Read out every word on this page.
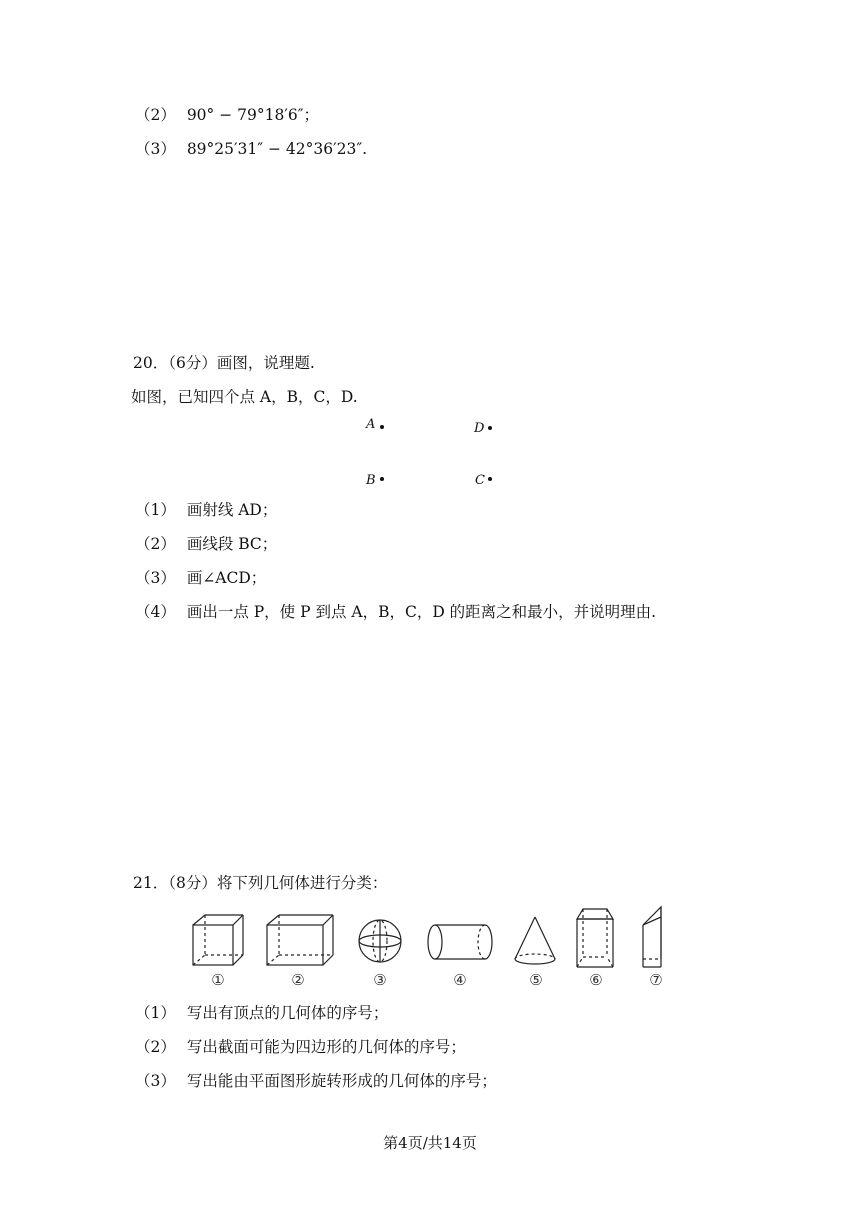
（2） 90° − 79°18′6″；
（3） 89°25′31″ − 42°36′23″.
20．（6分）画图，说理题.
如图，已知四个点 A，B，C，D.
A	D
B	C
（1） 画射线 AD；
（2） 画线段 BC；
（3） 画∠ACD；
（4） 画出一点 P，使 P 到点 A，B，C，D 的距离之和最小，并说明理由.
21．（8分）将下列几何体进行分类：
①	②	③	④	⑤	⑥	⑦
（1） 写出有顶点的几何体的序号；
（2） 写出截面可能为四边形的几何体的序号；
（3） 写出能由平面图形旋转形成的几何体的序号；
第4页/共14页
